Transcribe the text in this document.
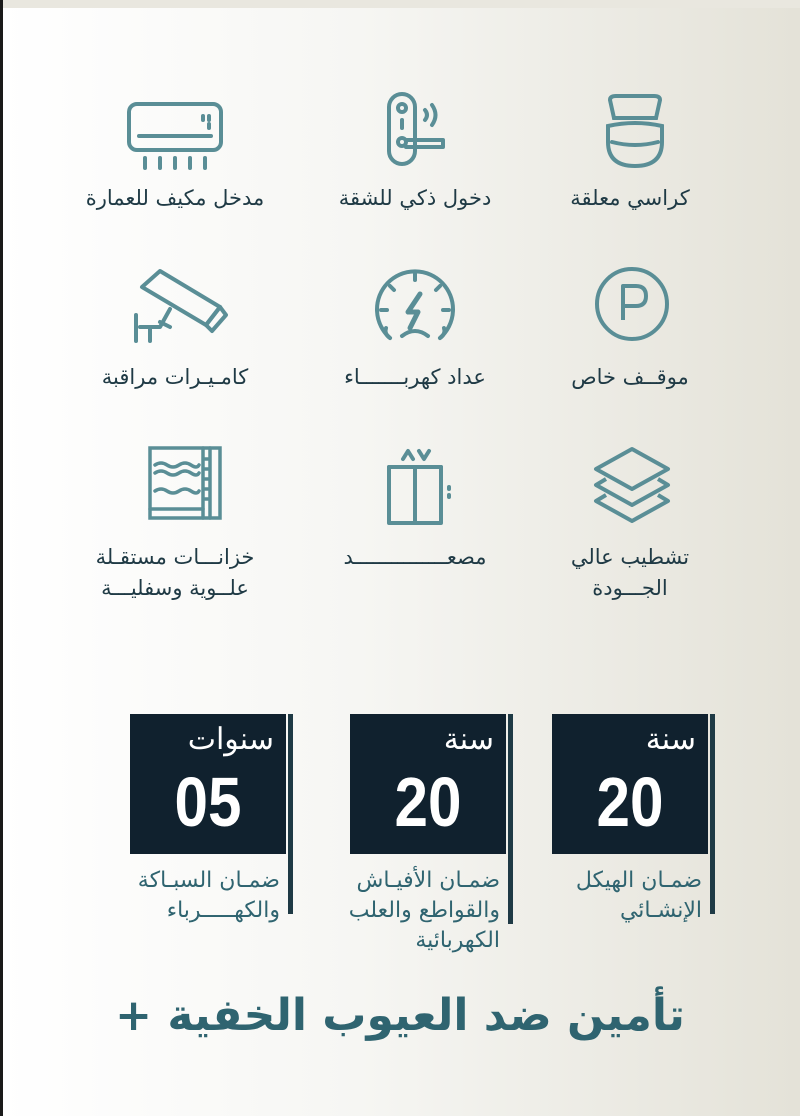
مدخل مكيف للعمارة	دخول ذكي للشقة	كراسي معلقة
كامـيـرات مراقبة	عداد كهربـــــــاء	موقــف خاص
خزانـــات مستقـلة
علــوية وسفليـــة
مصعـــــــــــــــد	تشطيب عالي
الجـــودة
سنوات
05
ضمـان السبـاكة
والكهـــــرباء
سنة
20
ضمـان الأفيـاش
والقواطع والعلب
الكهربائية
سنة
20
ضمـان الهيكل
الإنشـائي
+ تأمين ضد العيوب الخفية
